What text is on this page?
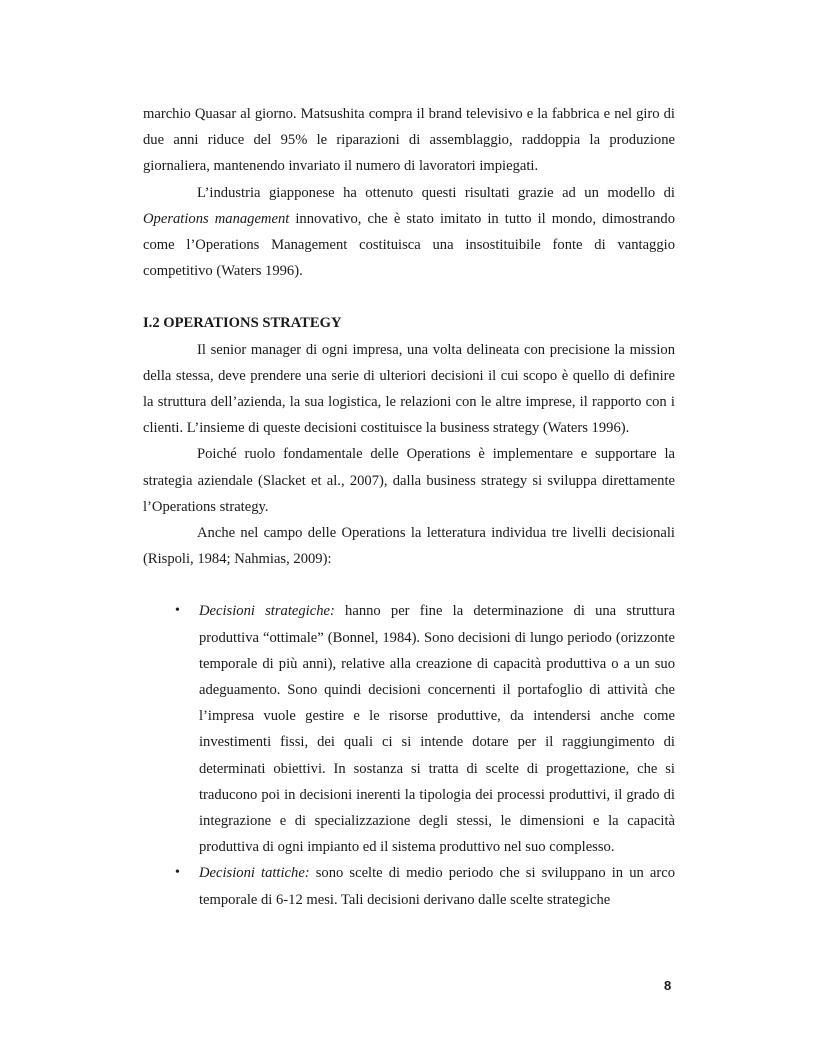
marchio Quasar al giorno. Matsushita compra il brand televisivo e la fabbrica e nel giro di due anni riduce del 95% le riparazioni di assemblaggio, raddoppia la produzione giornaliera, mantenendo invariato il numero di lavoratori impiegati.

L’industria giapponese ha ottenuto questi risultati grazie ad un modello di Operations management innovativo, che è stato imitato in tutto il mondo, dimostrando come l’Operations Management costituisca una insostituibile fonte di vantaggio competitivo (Waters 1996).

I.2 OPERATIONS STRATEGY

Il senior manager di ogni impresa, una volta delineata con precisione la mission della stessa, deve prendere una serie di ulteriori decisioni il cui scopo è quello di definire la struttura dell’azienda, la sua logistica, le relazioni con le altre imprese, il rapporto con i clienti. L’insieme di queste decisioni costituisce la business strategy (Waters 1996).

Poiché ruolo fondamentale delle Operations è implementare e supportare la strategia aziendale (Slacket et al., 2007), dalla business strategy si sviluppa direttamente l’Operations strategy.

Anche nel campo delle Operations la letteratura individua tre livelli decisionali (Rispoli, 1984; Nahmias, 2009):

• Decisioni strategiche: hanno per fine la determinazione di una struttura produttiva “ottimale” (Bonnel, 1984). Sono decisioni di lungo periodo (orizzonte temporale di più anni), relative alla creazione di capacità produttiva o a un suo adeguamento. Sono quindi decisioni concernenti il portafoglio di attività che l’impresa vuole gestire e le risorse produttive, da intendersi anche come investimenti fissi, dei quali ci si intende dotare per il raggiungimento di determinati obiettivi. In sostanza si tratta di scelte di progettazione, che si traducono poi in decisioni inerenti la tipologia dei processi produttivi, il grado di integrazione e di specializzazione degli stessi, le dimensioni e la capacità produttiva di ogni impianto ed il sistema produttivo nel suo complesso.
• Decisioni tattiche: sono scelte di medio periodo che si sviluppano in un arco temporale di 6-12 mesi. Tali decisioni derivano dalle scelte strategiche
8
